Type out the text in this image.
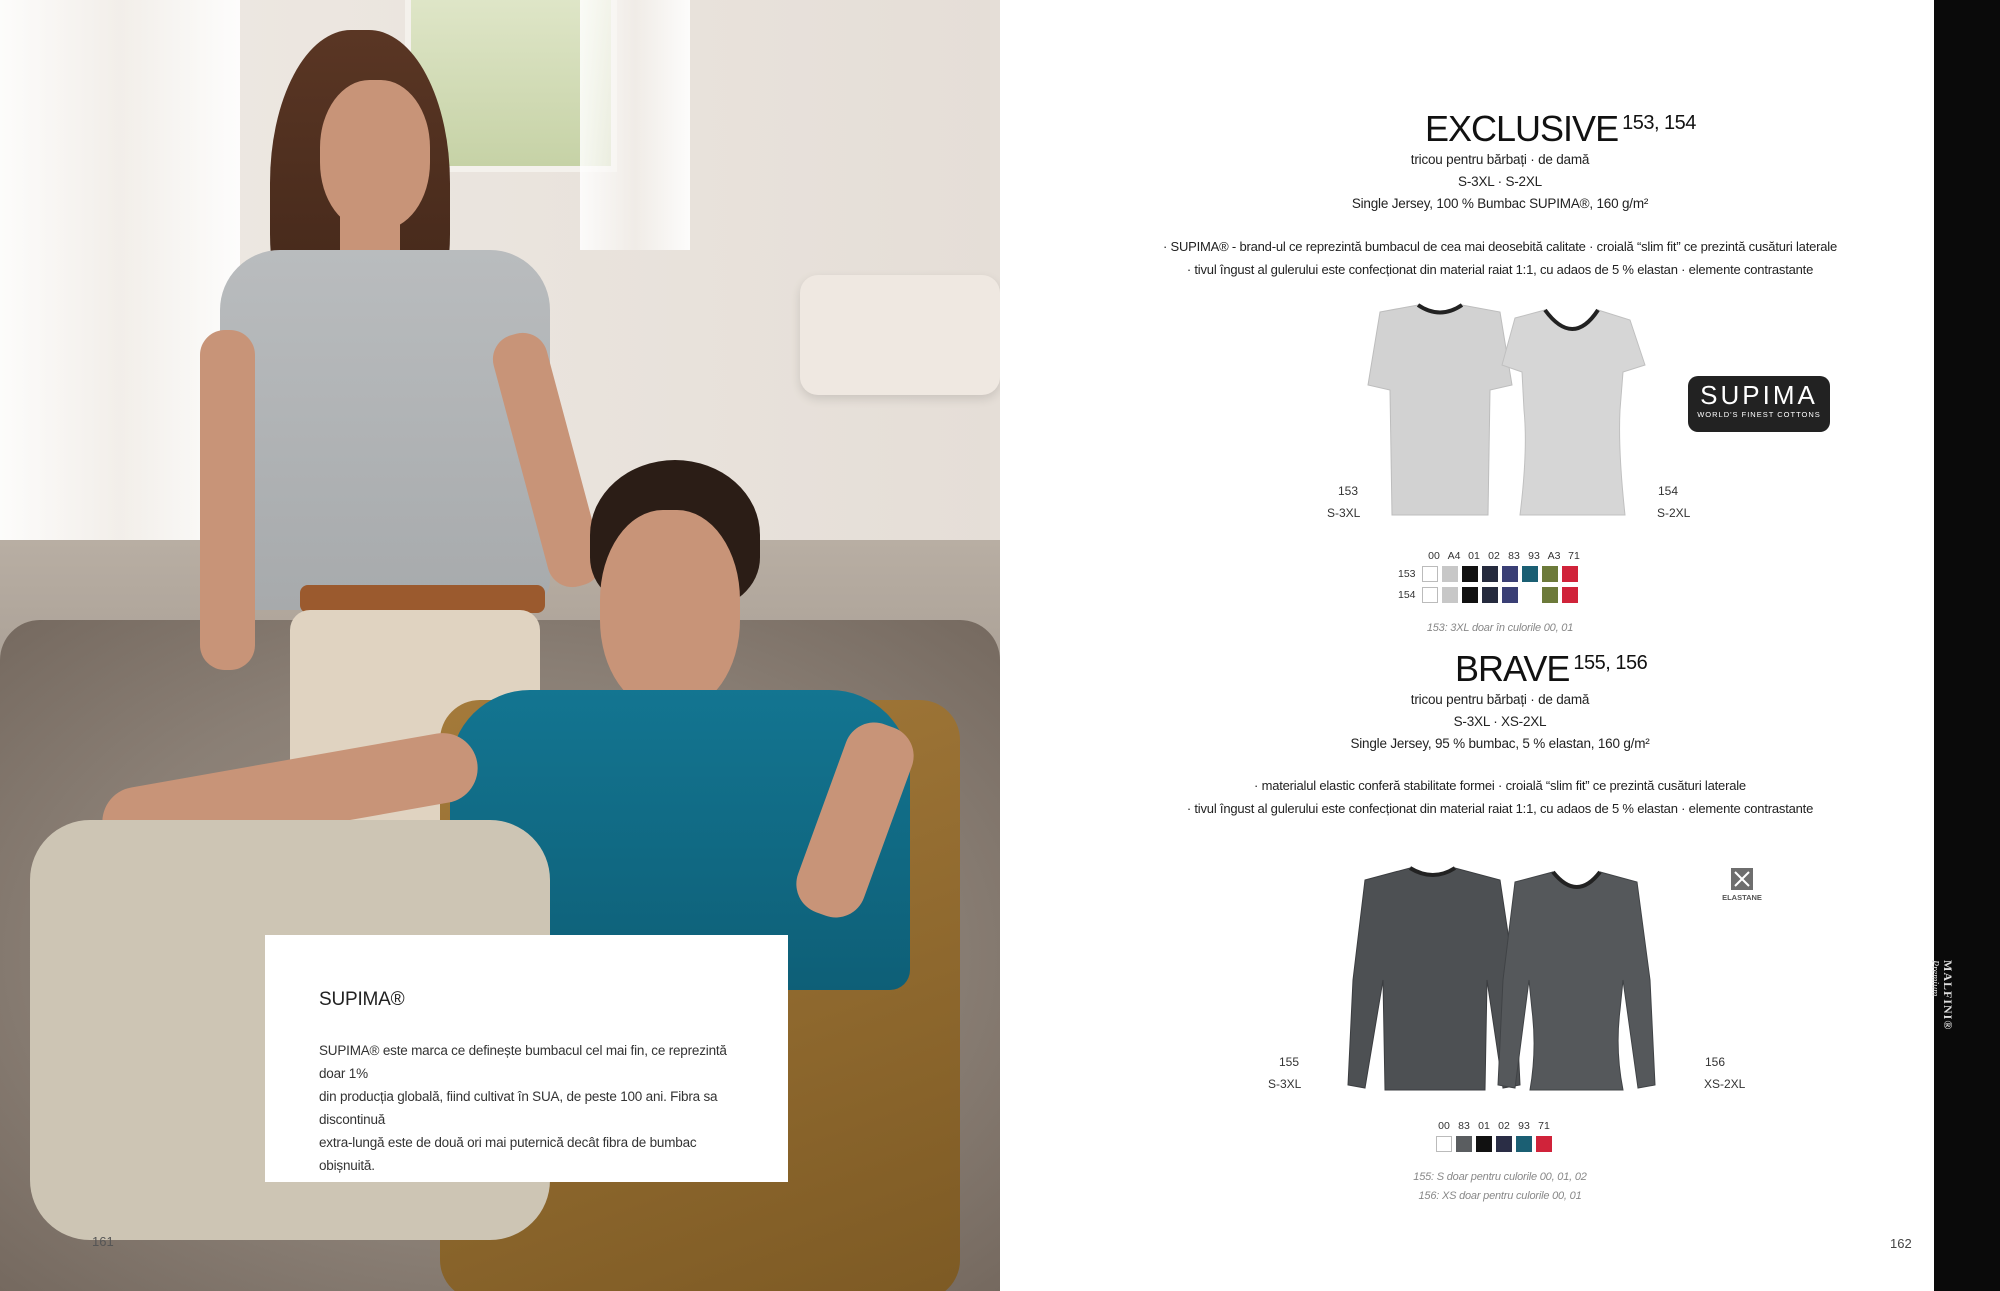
SUPIMA®
SUPIMA® este marca ce definește bumbacul cel mai fin, ce reprezintă doar 1%
din producția globală, fiind cultivat în SUA, de peste 100 ani. Fibra sa discontinuă
extra-lungă este de două ori mai puternică decât fibra de bumbac obișnuită.
161
EXCLUSIVE $^{153, 154}$
tricou pentru bărbați · de damă
S-3XL · S-2XL
Single Jersey, 100 % Bumbac SUPIMA®, 160 g/m²
· SUPIMA® - brand-ul ce reprezintă bumbacul de cea mai deosebită calitate · croială “slim fit” ce prezintă cusături laterale
· tivul îngust al gulerului este confecționat din material raiat 1:1, cu adaos de 5 % elastan · elemente contrastante
153
S-3XL
154
S-2XL
SUPIMA
WORLD'S FINEST COTTONS
00 A4 01 02 83 93 A3 71
153
154
153: 3XL doar în culorile 00, 01
BRAVE $^{155, 156}$
tricou pentru bărbați · de damă
S-3XL · XS-2XL
Single Jersey, 95 % bumbac, 5 % elastan, 160 g/m²
· materialul elastic conferă stabilitate formei · croială “slim fit” ce prezintă cusături laterale
· tivul îngust al gulerului este confecționat din material raiat 1:1, cu adaos de 5 % elastan · elemente contrastante
155
S-3XL
156
XS-2XL
ELASTANE
00 83 01 02 93 71
155: S doar pentru culorile 00, 01, 02
156: XS doar pentru culorile 00, 01
162
MALFINI®
Premium
